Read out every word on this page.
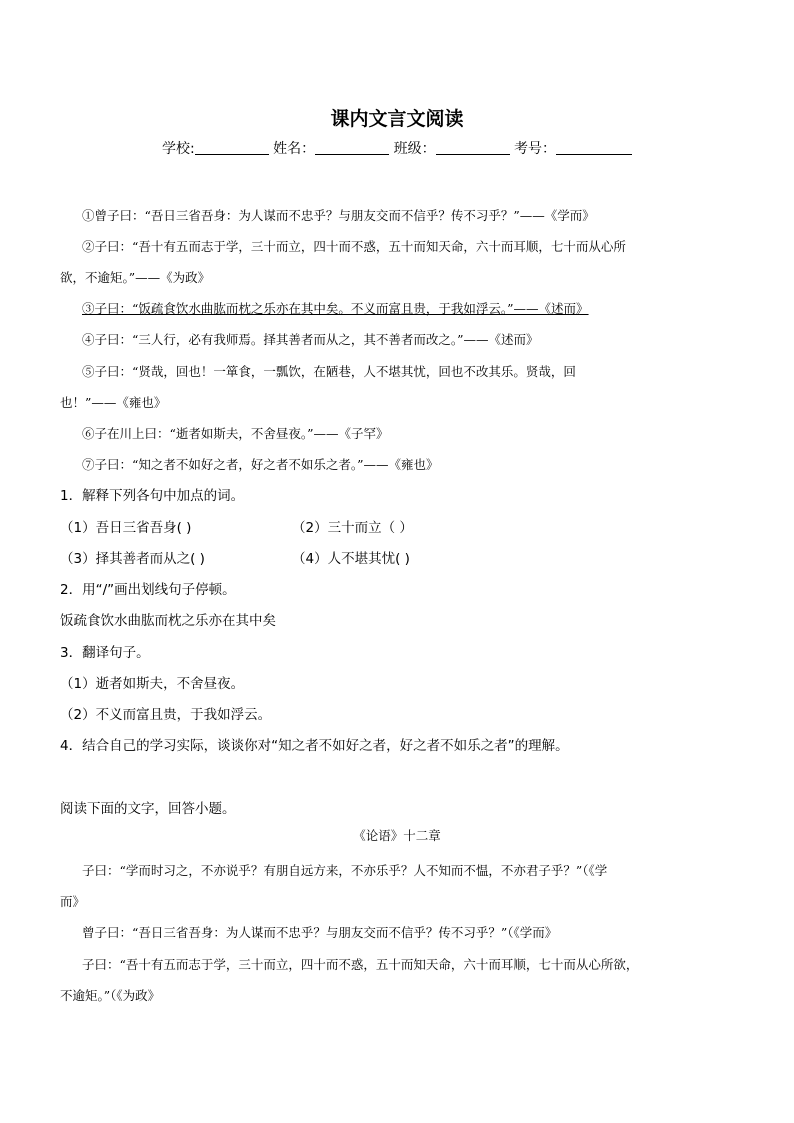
课内文言文阅读
学校:	姓名：	班级：	考号：
①曾子曰：“吾日三省吾身：为人谋而不忠乎？与朋友交而不信乎？传不习乎？”——《学而》
②子曰：“吾十有五而志于学，三十而立，四十而不惑，五十而知天命，六十而耳顺，七十而从心所
欲，不逾矩。”——《为政》
③子曰：“饭疏食饮水曲肱而枕之乐亦在其中矣。不义而富且贵，于我如浮云。”——《述而》
④子曰：“三人行，必有我师焉。择其善者而从之，其不善者而改之。”——《述而》
⑤子曰：“贤哉，回也！一箪食，一瓢饮，在陋巷，人不堪其忧，回也不改其乐。贤哉，回
也！”——《雍也》
⑥子在川上曰：“逝者如斯夫，不舍昼夜。”——《子罕》
⑦子曰：“知之者不如好之者，好之者不如乐之者。”——《雍也》
1．解释下列各句中加点的词。
（1）吾日三省吾身( )	（2）三十而立（ ）
（3）择其善者而从之( )	（4）人不堪其忧( )
2．用“/”画出划线句子停顿。
饭疏食饮水曲肱而枕之乐亦在其中矣
3．翻译句子。
（1）逝者如斯夫，不舍昼夜。
（2）不义而富且贵，于我如浮云。
4．结合自己的学习实际，谈谈你对“知之者不如好之者，好之者不如乐之者”的理解。
阅读下面的文字，回答小题。
《论语》十二章
子曰：“学而时习之，不亦说乎？有朋自远方来，不亦乐乎？人不知而不愠，不亦君子乎？”（《学
而》
曾子曰：“吾日三省吾身：为人谋而不忠乎？与朋友交而不信乎？传不习乎？”（《学而》
子曰：“吾十有五而志于学，三十而立，四十而不惑，五十而知天命，六十而耳顺，七十而从心所欲，
不逾矩。”（《为政》
